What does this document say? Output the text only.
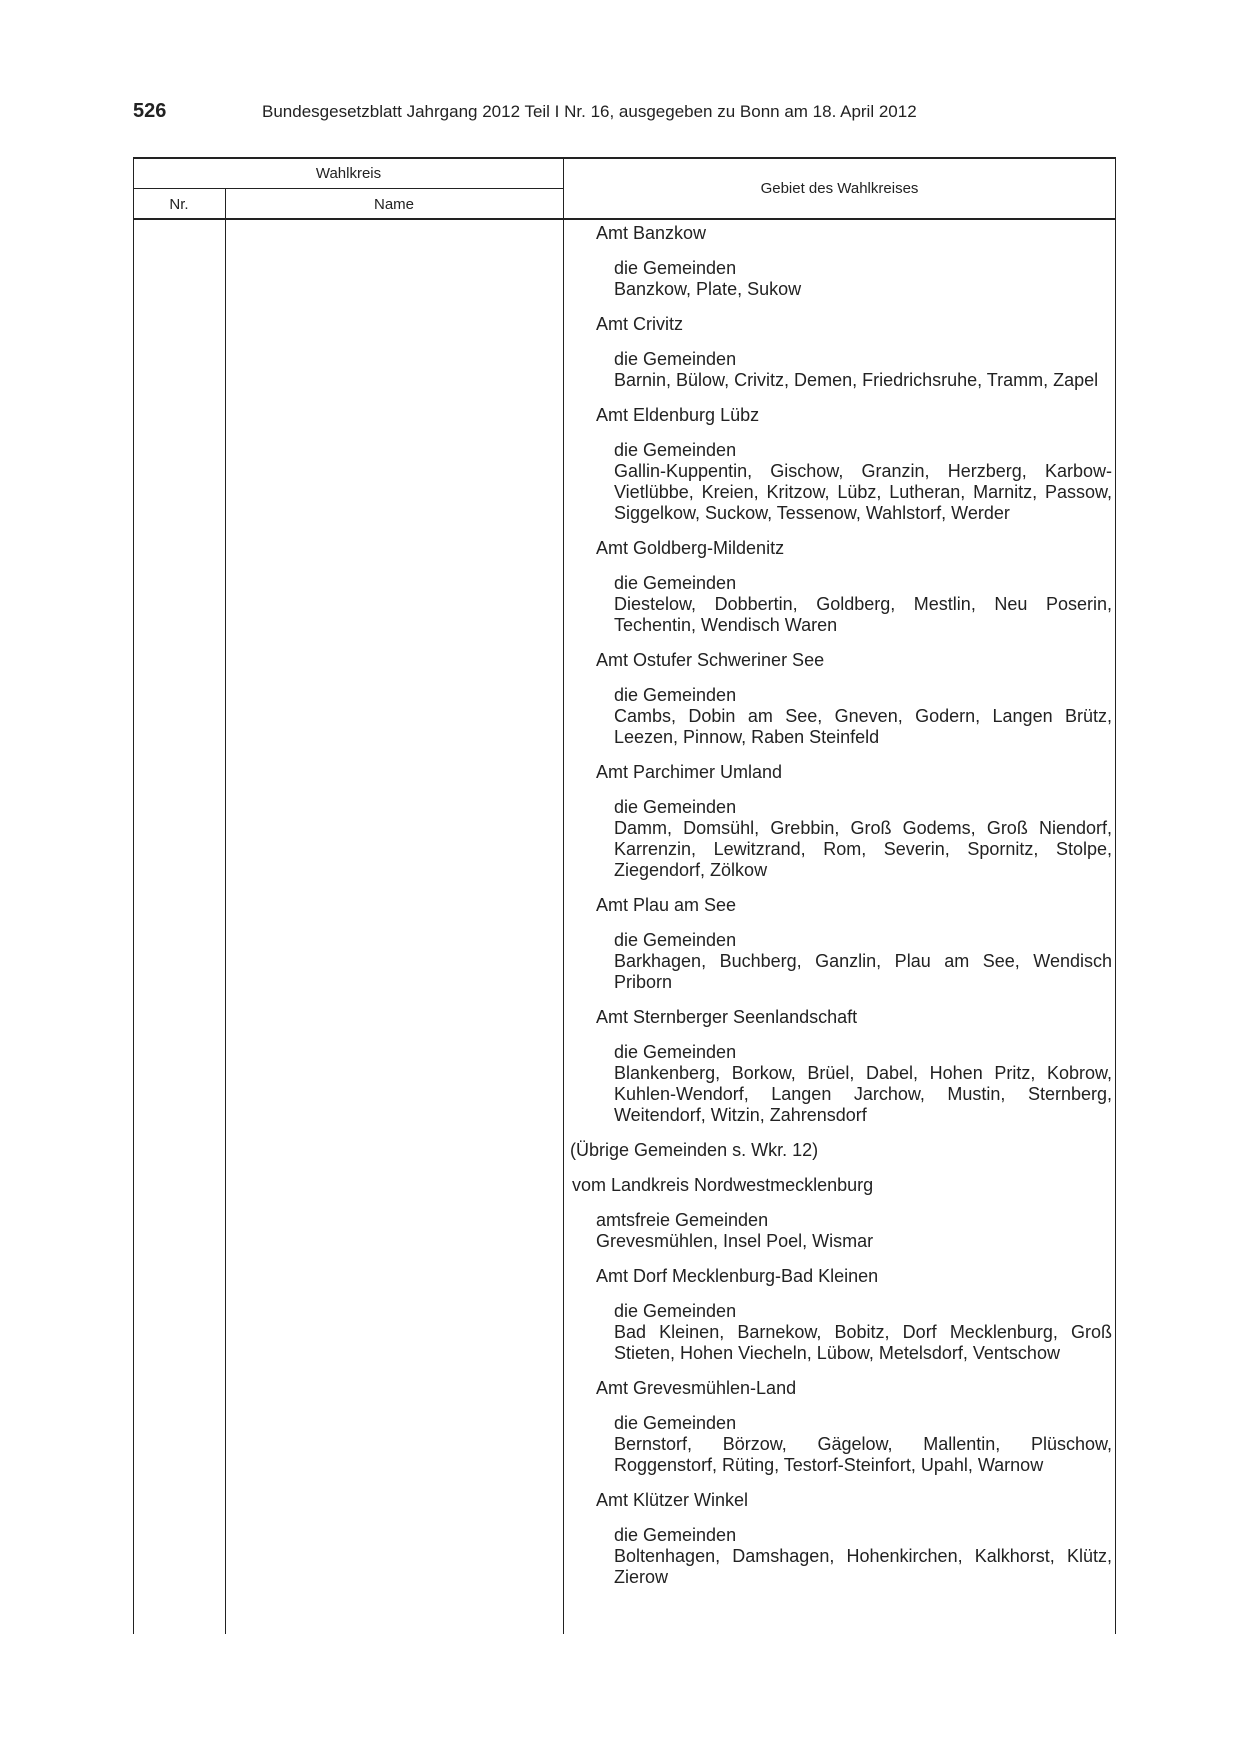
526	Bundesgesetzblatt Jahrgang 2012 Teil I Nr. 16, ausgegeben zu Bonn am 18. April 2012
Wahlkreis
Nr.	Name
Gebiet des Wahlkreises
Amt Banzkow
die Gemeinden
Banzkow, Plate, Sukow
Amt Crivitz
die Gemeinden
Barnin, Bülow, Crivitz, Demen, Friedrichsruhe, Tramm, Zapel
Amt Eldenburg Lübz
die Gemeinden
Gallin-Kuppentin, Gischow, Granzin, Herzberg, Karbow-Vietlübbe, Kreien, Kritzow, Lübz, Lutheran, Marnitz, Passow, Siggelkow, Suckow, Tessenow, Wahlstorf, Werder
Amt Goldberg-Mildenitz
die Gemeinden
Diestelow, Dobbertin, Goldberg, Mestlin, Neu Poserin, Techentin, Wendisch Waren
Amt Ostufer Schweriner See
die Gemeinden
Cambs, Dobin am See, Gneven, Godern, Langen Brütz, Leezen, Pinnow, Raben Steinfeld
Amt Parchimer Umland
die Gemeinden
Damm, Domsühl, Grebbin, Groß Godems, Groß Niendorf, Karrenzin, Lewitzrand, Rom, Severin, Spornitz, Stolpe, Ziegendorf, Zölkow
Amt Plau am See
die Gemeinden
Barkhagen, Buchberg, Ganzlin, Plau am See, Wendisch Priborn
Amt Sternberger Seenlandschaft
die Gemeinden
Blankenberg, Borkow, Brüel, Dabel, Hohen Pritz, Kobrow, Kuhlen-Wendorf, Langen Jarchow, Mustin, Sternberg, Weitendorf, Witzin, Zahrensdorf
(Übrige Gemeinden s. Wkr. 12)
vom Landkreis Nordwestmecklenburg
amtsfreie Gemeinden
Grevesmühlen, Insel Poel, Wismar
Amt Dorf Mecklenburg-Bad Kleinen
die Gemeinden
Bad Kleinen, Barnekow, Bobitz, Dorf Mecklenburg, Groß Stieten, Hohen Viecheln, Lübow, Metelsdorf, Ventschow
Amt Grevesmühlen-Land
die Gemeinden
Bernstorf, Börzow, Gägelow, Mallentin, Plüschow, Roggenstorf, Rüting, Testorf-Steinfort, Upahl, Warnow
Amt Klützer Winkel
die Gemeinden
Boltenhagen, Damshagen, Hohenkirchen, Kalkhorst, Klütz, Zierow
